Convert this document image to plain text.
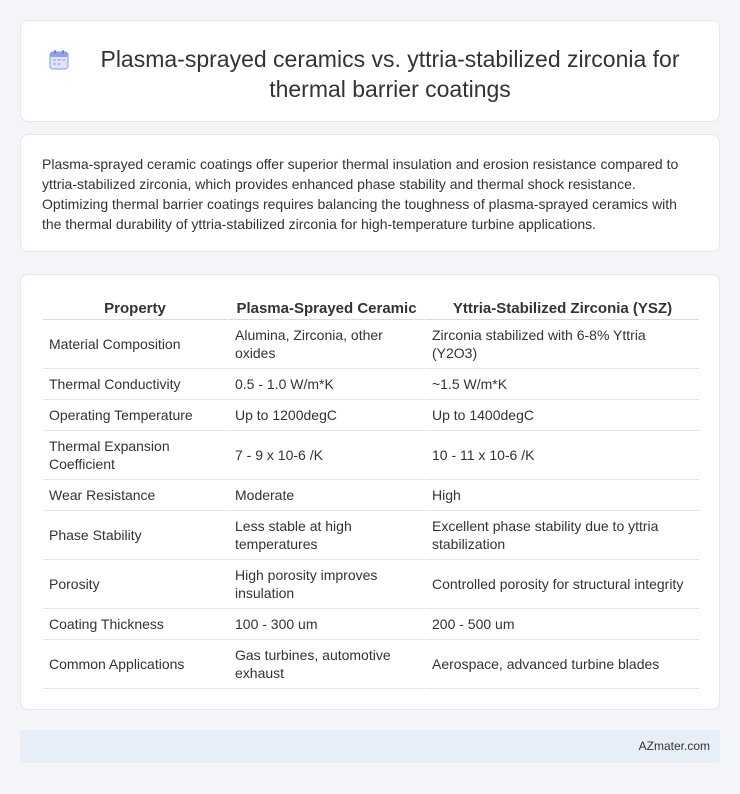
Plasma-sprayed ceramics vs. yttria-stabilized zirconia for thermal barrier coatings

Plasma-sprayed ceramic coatings offer superior thermal insulation and erosion resistance compared to yttria-stabilized zirconia, which provides enhanced phase stability and thermal shock resistance. Optimizing thermal barrier coatings requires balancing the toughness of plasma-sprayed ceramics with the thermal durability of yttria-stabilized zirconia for high-temperature turbine applications.

Property	Plasma-Sprayed Ceramic	Yttria-Stabilized Zirconia (YSZ)
Material Composition	Alumina, Zirconia, other oxides	Zirconia stabilized with 6-8% Yttria (Y2O3)
Thermal Conductivity	0.5 - 1.0 W/m*K	~1.5 W/m*K
Operating Temperature	Up to 1200degC	Up to 1400degC
Thermal Expansion Coefficient	7 - 9 x 10-6 /K	10 - 11 x 10-6 /K
Wear Resistance	Moderate	High
Phase Stability	Less stable at high temperatures	Excellent phase stability due to yttria stabilization
Porosity	High porosity improves insulation	Controlled porosity for structural integrity
Coating Thickness	100 - 300 um	200 - 500 um
Common Applications	Gas turbines, automotive exhaust	Aerospace, advanced turbine blades
AZmater.com
